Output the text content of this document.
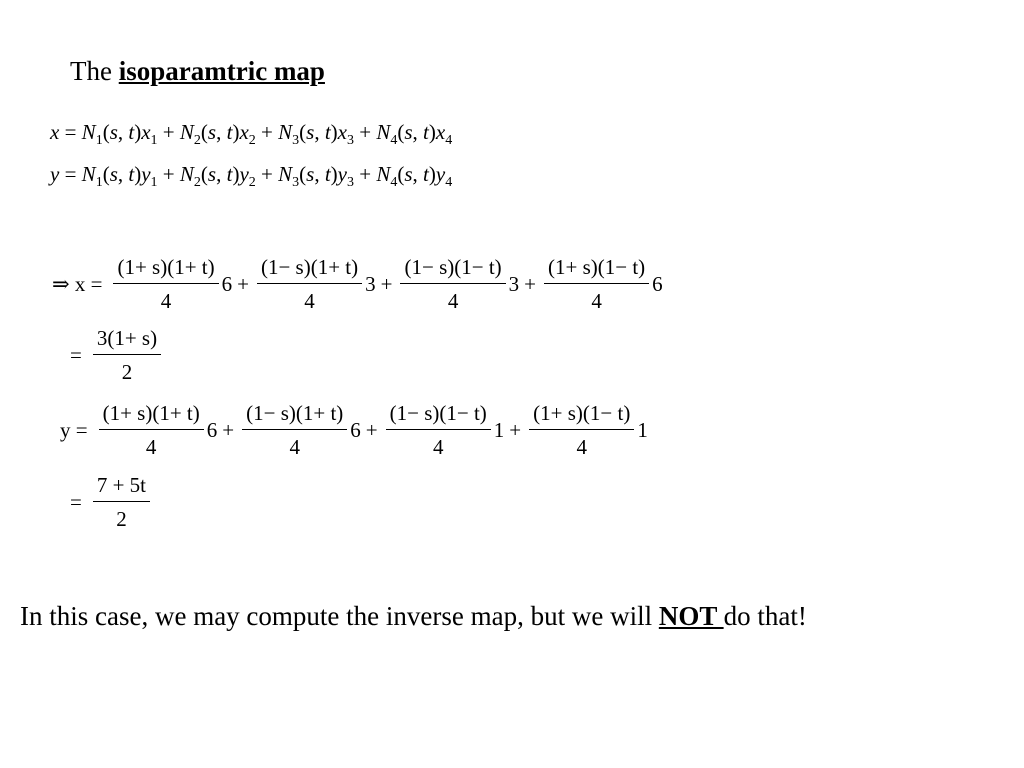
The isoparamtric map
$x = N_1(s$, $t)x_1 + N_2(s$, $t)x_2 + N_3(s$, $t)x_3 + N_4(s$, $t)x_4$
$y = N_1(s$, $t)y_1 + N_2(s$, $t)y_2 + N_3(s$, $t)y_3 + N_4(s$, $t)y_4$
⇒ $x = \frac{(1+ s)(1+ t)}{4} 6 + \frac{(1- s)(1+ t)}{4} 3 + \frac{(1- s)(1- t)}{4} 3 + \frac{(1+ s)(1- t)}{4} 6$
= $\frac{3(1+ s)}{2}$
$y = \frac{(1+ s)(1+ t)}{4} 6 + \frac{(1- s)(1+ t)}{4} 6 + \frac{(1- s)(1- t)}{4} 1 + \frac{(1+ s)(1- t)}{4} 1$
= $\frac{7 + 5t}{2}$
In this case, we may compute the inverse map, but we will NOT do that!
